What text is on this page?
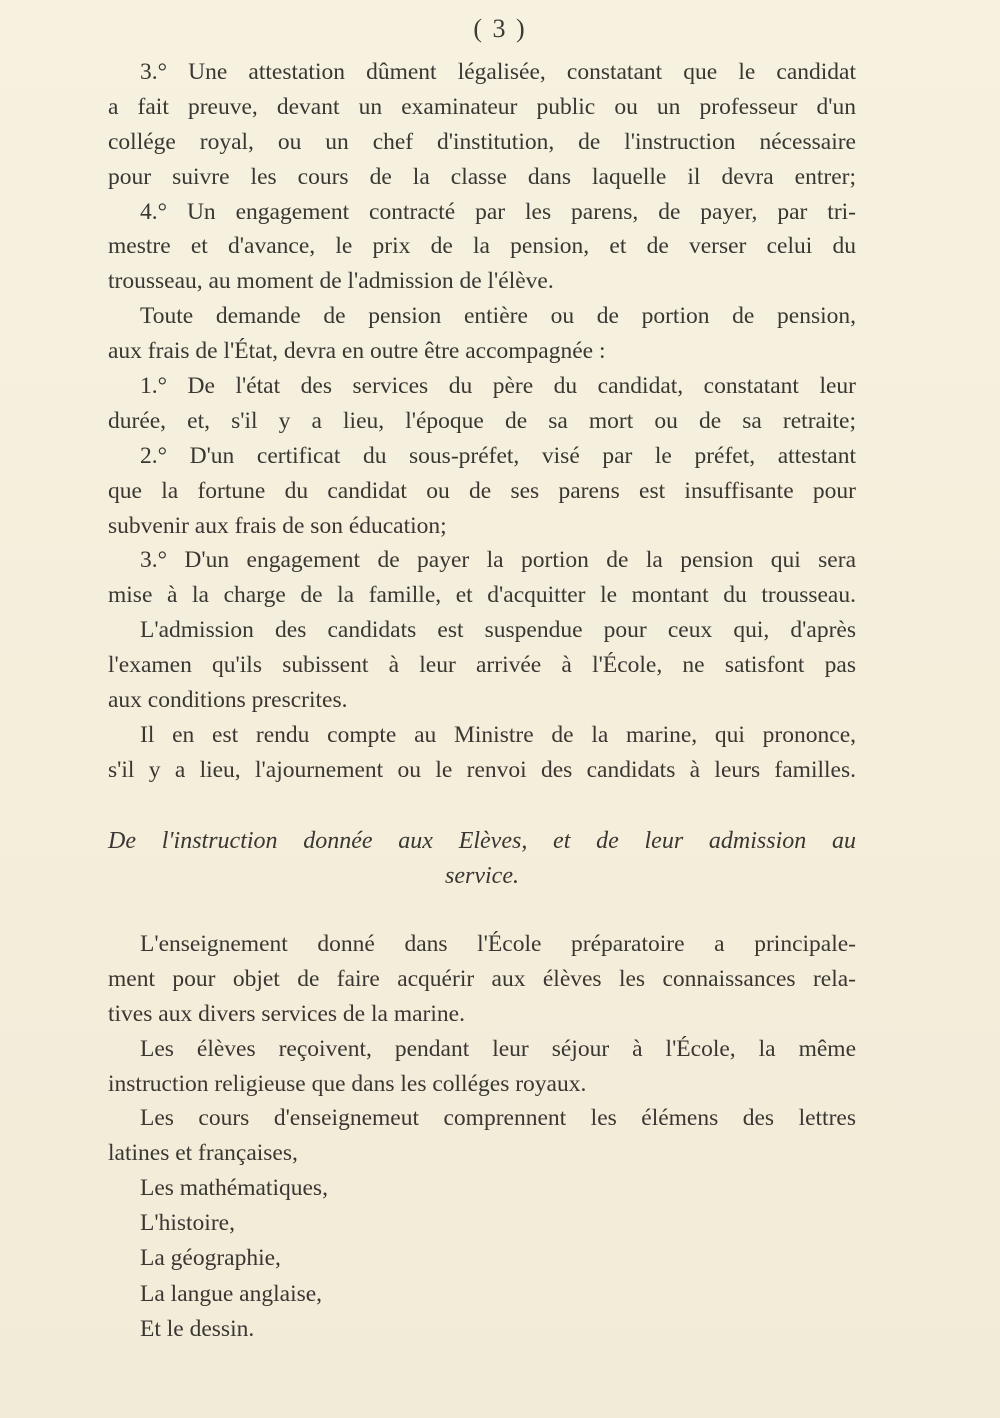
( 3 )
3.° Une attestation dûment légalisée, constatant que le candidat
a fait preuve, devant un examinateur public ou un professeur d'un
collége royal, ou un chef d'institution, de l'instruction nécessaire
pour suivre les cours de la classe dans laquelle il devra entrer;
4.° Un engagement contracté par les parens, de payer, par tri-
mestre et d'avance, le prix de la pension, et de verser celui du
trousseau, au moment de l'admission de l'élève.
Toute demande de pension entière ou de portion de pension,
aux frais de l'État, devra en outre être accompagnée :
1.° De l'état des services du père du candidat, constatant leur
durée, et, s'il y a lieu, l'époque de sa mort ou de sa retraite;
2.° D'un certificat du sous-préfet, visé par le préfet, attestant
que la fortune du candidat ou de ses parens est insuffisante pour
subvenir aux frais de son éducation;
3.° D'un engagement de payer la portion de la pension qui sera
mise à la charge de la famille, et d'acquitter le montant du trousseau.
L'admission des candidats est suspendue pour ceux qui, d'après
l'examen qu'ils subissent à leur arrivée à l'École, ne satisfont pas
aux conditions prescrites.
Il en est rendu compte au Ministre de la marine, qui prononce,
s'il y a lieu, l'ajournement ou le renvoi des candidats à leurs familles.
De l'instruction donnée aux Elèves, et de leur admission au
service.
L'enseignement donné dans l'École préparatoire a principale-
ment pour objet de faire acquérir aux élèves les connaissances rela-
tives aux divers services de la marine.
Les élèves reçoivent, pendant leur séjour à l'École, la même
instruction religieuse que dans les colléges royaux.
Les cours d'enseignemeut comprennent les élémens des lettres
latines et françaises,
Les mathématiques,
L'histoire,
La géographie,
La langue anglaise,
Et le dessin.
